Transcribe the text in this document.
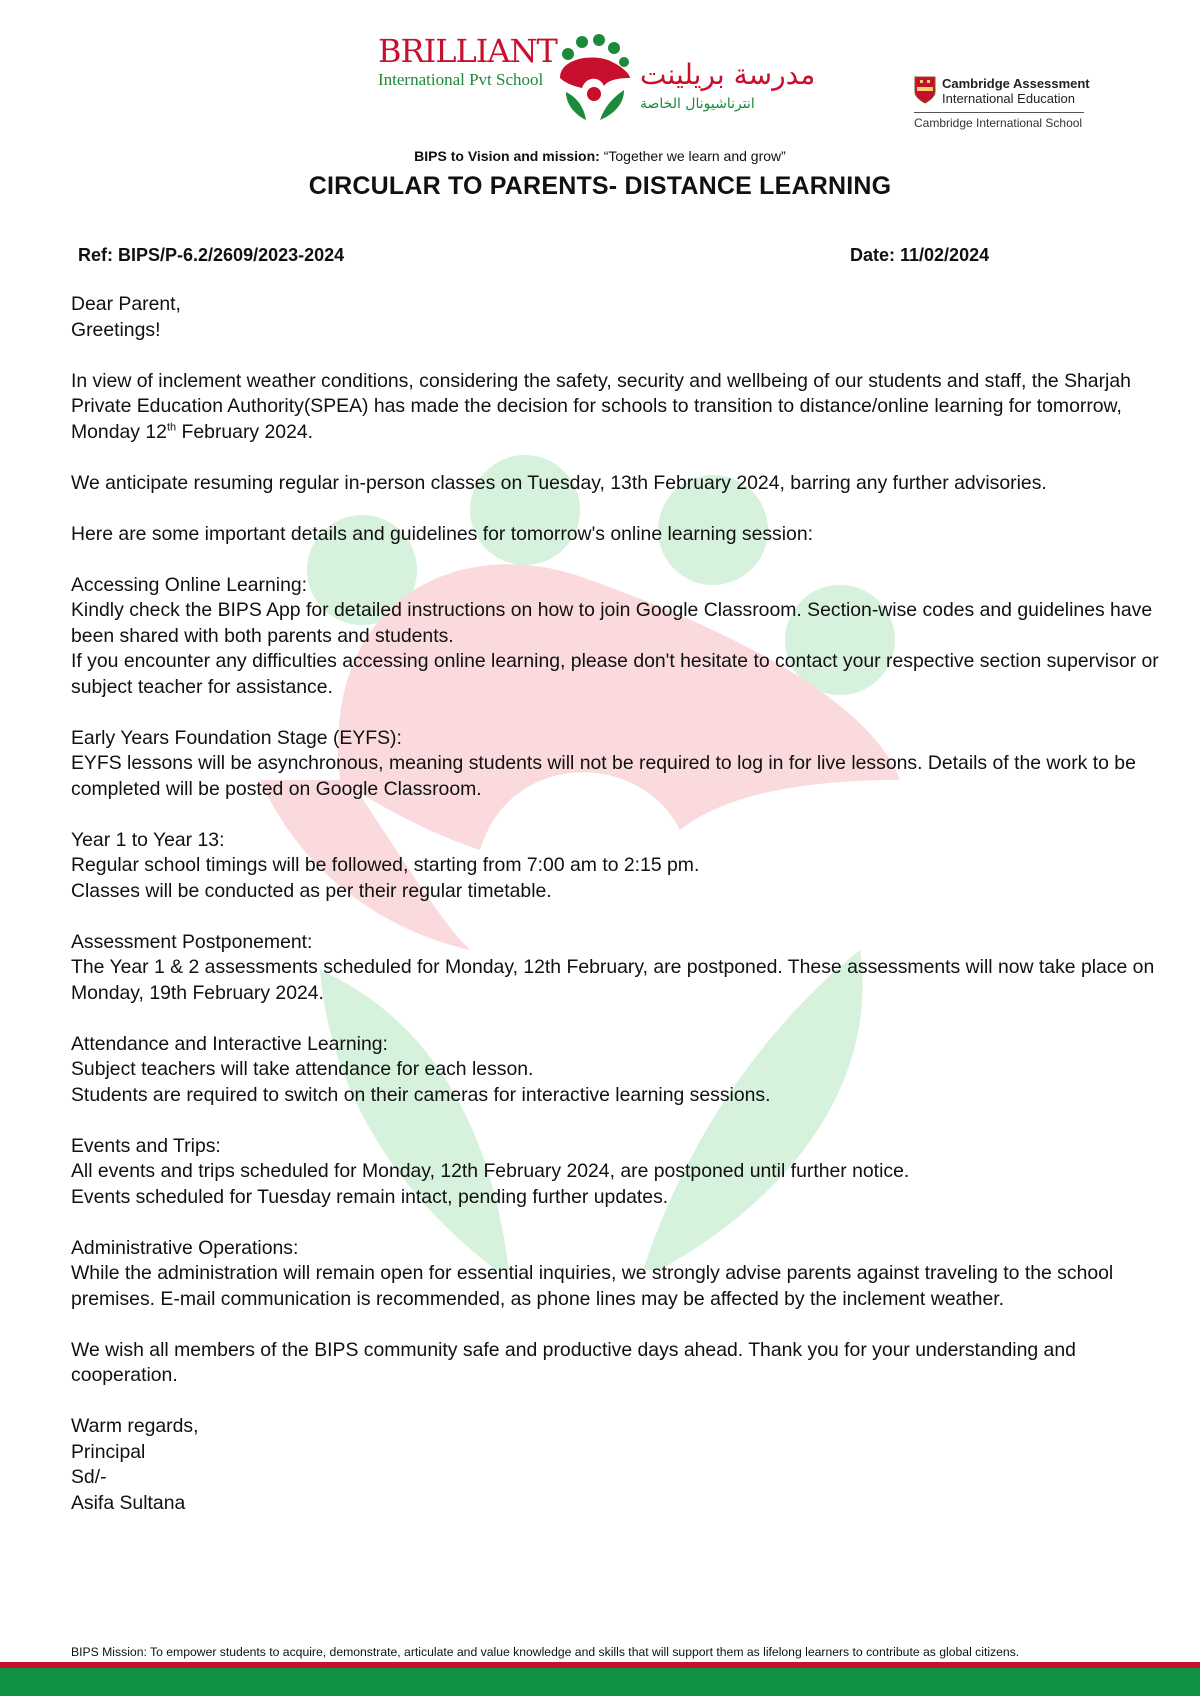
BRILLIANT
International Pvt School	مدرسة بريلينت
انترناشيونال الخاصة
Cambridge Assessment
International Education
Cambridge International School
BIPS to Vision and mission: “Together we learn and grow”
CIRCULAR TO PARENTS- DISTANCE LEARNING
Ref: BIPS/P-6.2/2609/2023-2024	Date: 11/02/2024

Dear Parent,
Greetings!

In view of inclement weather conditions, considering the safety, security and wellbeing of our students and staff, the Sharjah Private Education Authority(SPEA) has made the decision for schools to transition to distance/online learning for tomorrow, Monday 12th February 2024.

We anticipate resuming regular in-person classes on Tuesday, 13th February 2024, barring any further advisories.

Here are some important details and guidelines for tomorrow's online learning session:

Accessing Online Learning:
Kindly check the BIPS App for detailed instructions on how to join Google Classroom. Section-wise codes and guidelines have been shared with both parents and students.
If you encounter any difficulties accessing online learning, please don't hesitate to contact your respective section supervisor or subject teacher for assistance.

Early Years Foundation Stage (EYFS):
EYFS lessons will be asynchronous, meaning students will not be required to log in for live lessons. Details of the work to be completed will be posted on Google Classroom.

Year 1 to Year 13:
Regular school timings will be followed, starting from 7:00 am to 2:15 pm.
Classes will be conducted as per their regular timetable.

Assessment Postponement:
The Year 1 & 2 assessments scheduled for Monday, 12th February, are postponed. These assessments will now take place on Monday, 19th February 2024.

Attendance and Interactive Learning:
Subject teachers will take attendance for each lesson.
Students are required to switch on their cameras for interactive learning sessions.

Events and Trips:
All events and trips scheduled for Monday, 12th February 2024, are postponed until further notice.
Events scheduled for Tuesday remain intact, pending further updates.

Administrative Operations:
While the administration will remain open for essential inquiries, we strongly advise parents against traveling to the school premises. E-mail communication is recommended, as phone lines may be affected by the inclement weather.

We wish all members of the BIPS community safe and productive days ahead. Thank you for your understanding and cooperation.

Warm regards,
Principal
Sd/-
Asifa Sultana

BIPS Mission: To empower students to acquire, demonstrate, articulate and value knowledge and skills that will support them as lifelong learners to contribute as global citizens.
